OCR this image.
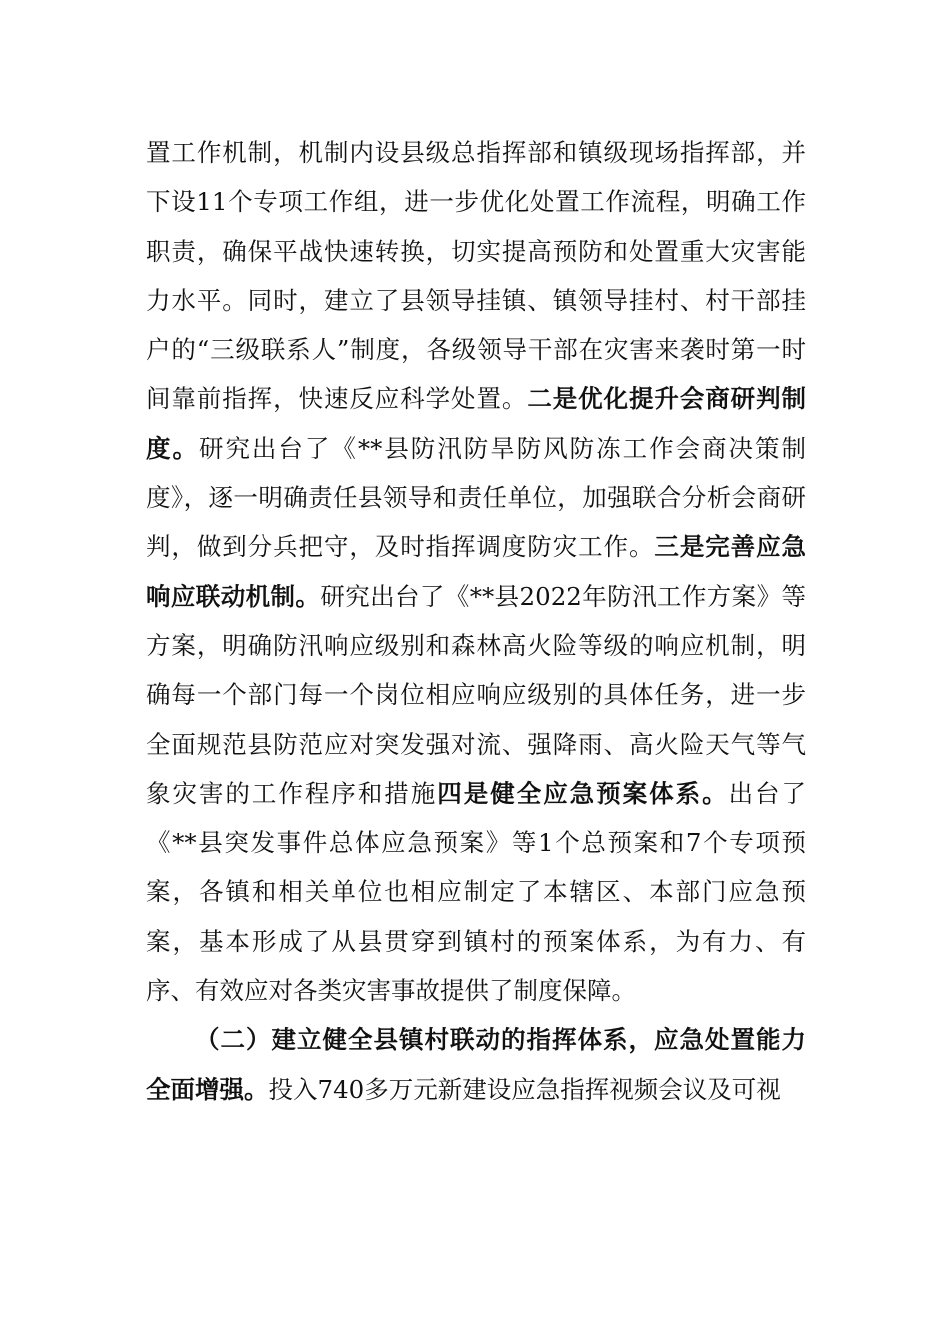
置工作机制，机制内设县级总指挥部和镇级现场指挥部，并下设11个专项工作组，进一步优化处置工作流程，明确工作职责，确保平战快速转换，切实提高预防和处置重大灾害能力水平。同时，建立了县领导挂镇、镇领导挂村、村干部挂户的“三级联系人”制度，各级领导干部在灾害来袭时第一时间靠前指挥，快速反应科学处置。二是优化提升会商研判制度。研究出台了《**县防汛防旱防风防冻工作会商决策制度》，逐一明确责任县领导和责任单位，加强联合分析会商研判，做到分兵把守，及时指挥调度防灾工作。三是完善应急响应联动机制。研究出台了《**县2022年防汛工作方案》等方案，明确防汛响应级别和森林高火险等级的响应机制，明确每一个部门每一个岗位相应响应级别的具体任务，进一步全面规范县防范应对突发强对流、强降雨、高火险天气等气象灾害的工作程序和措施四是健全应急预案体系。出台了《**县突发事件总体应急预案》等1个总预案和7个专项预案，各镇和相关单位也相应制定了本辖区、本部门应急预案，基本形成了从县贯穿到镇村的预案体系，为有力、有序、有效应对各类灾害事故提供了制度保障。

（二）建立健全县镇村联动的指挥体系，应急处置能力全面增强。投入740多万元新建设应急指挥视频会议及可视
